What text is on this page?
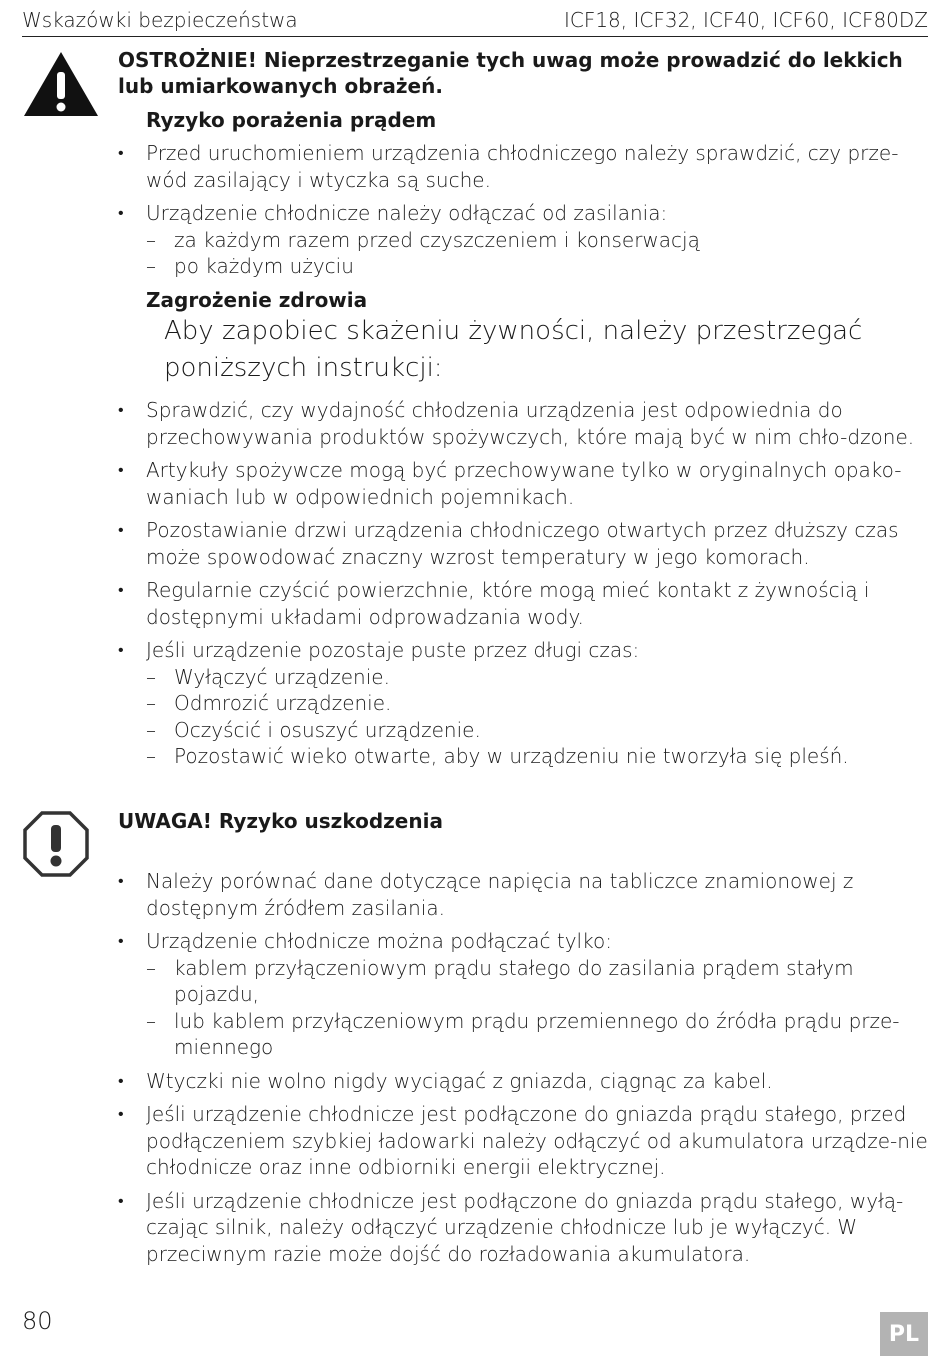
Wskazówki bezpieczeństwa	ICF18, ICF32, ICF40, ICF60, ICF80DZ
OSTROŻNIE! Nieprzestrzeganie tych uwag może prowadzić do lekkich lub umiarkowanych obrażeń.
Ryzyko porażenia prądem
• Przed uruchomieniem urządzenia chłodniczego należy sprawdzić, czy prze-wód zasilający i wtyczka są suche.
• Urządzenie chłodnicze należy odłączać od zasilania:
– za każdym razem przed czyszczeniem i konserwacją
– po każdym użyciu
Zagrożenie zdrowia
Aby zapobiec skażeniu żywności, należy przestrzegać poniższych instrukcji:
• Sprawdzić, czy wydajność chłodzenia urządzenia jest odpowiednia do przechowywania produktów spożywczych, które mają być w nim chło-dzone.
• Artykuły spożywcze mogą być przechowywane tylko w oryginalnych opako-waniach lub w odpowiednich pojemnikach.
• Pozostawianie drzwi urządzenia chłodniczego otwartych przez dłuższy czas może spowodować znaczny wzrost temperatury w jego komorach.
• Regularnie czyścić powierzchnie, które mogą mieć kontakt z żywnością i dostępnymi układami odprowadzania wody.
• Jeśli urządzenie pozostaje puste przez długi czas:
– Wyłączyć urządzenie.
– Odmrozić urządzenie.
– Oczyścić i osuszyć urządzenie.
– Pozostawić wieko otwarte, aby w urządzeniu nie tworzyła się pleśń.
UWAGA! Ryzyko uszkodzenia
• Należy porównać dane dotyczące napięcia na tabliczce znamionowej z dostępnym źródłem zasilania.
• Urządzenie chłodnicze można podłączać tylko:
– kablem przyłączeniowym prądu stałego do zasilania prądem stałym pojazdu,
– lub kablem przyłączeniowym prądu przemiennego do źródła prądu prze-miennego
• Wtyczki nie wolno nigdy wyciągać z gniazda, ciągnąc za kabel.
• Jeśli urządzenie chłodnicze jest podłączone do gniazda prądu stałego, przed podłączeniem szybkiej ładowarki należy odłączyć od akumulatora urządze-nie chłodnicze oraz inne odbiorniki energii elektrycznej.
• Jeśli urządzenie chłodnicze jest podłączone do gniazda prądu stałego, wyłą-czając silnik, należy odłączyć urządzenie chłodnicze lub je wyłączyć. W przeciwnym razie może dojść do rozładowania akumulatora.
80	PL
